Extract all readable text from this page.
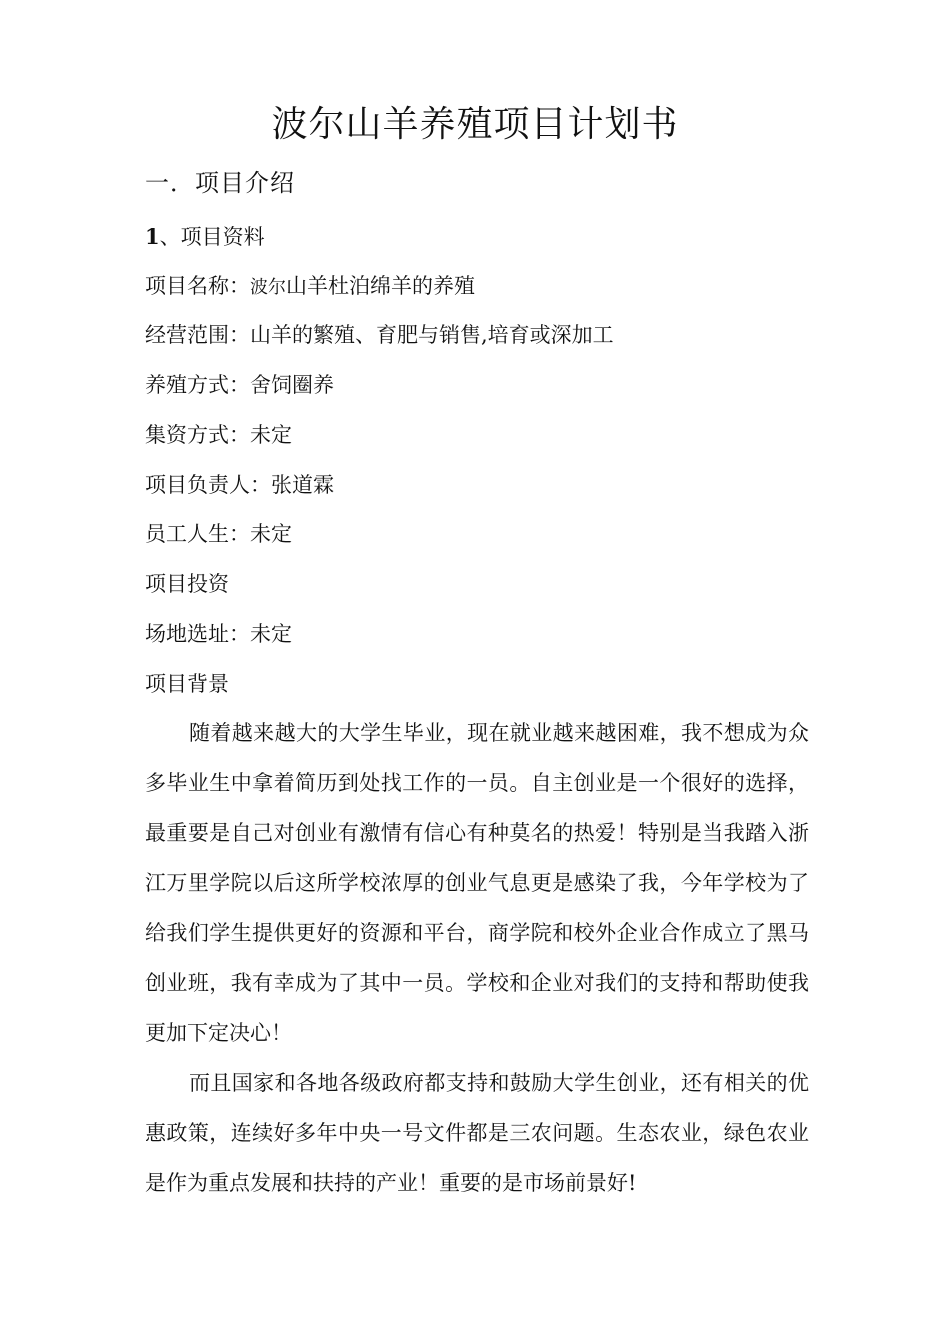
波尔山羊养殖项目计划书
一．项目介绍
1、项目资料
项目名称：波尔山羊杜泊绵羊的养殖
经营范围：山羊的繁殖、育肥与销售,培育或深加工
养殖方式：舍饲圈养
集资方式：未定
项目负责人：张道霖
员工人生：未定
项目投资
场地选址：未定
项目背景

随着越来越大的大学生毕业，现在就业越来越困难，我不想成为众多毕业生中拿着简历到处找工作的一员。自主创业是一个很好的选择，最重要是自己对创业有激情有信心有种莫名的热爱！特别是当我踏入浙江万里学院以后这所学校浓厚的创业气息更是感染了我，今年学校为了给我们学生提供更好的资源和平台，商学院和校外企业合作成立了黑马创业班，我有幸成为了其中一员。学校和企业对我们的支持和帮助使我更加下定决心！

而且国家和各地各级政府都支持和鼓励大学生创业，还有相关的优惠政策，连续好多年中央一号文件都是三农问题。生态农业，绿色农业是作为重点发展和扶持的产业！重要的是市场前景好!
